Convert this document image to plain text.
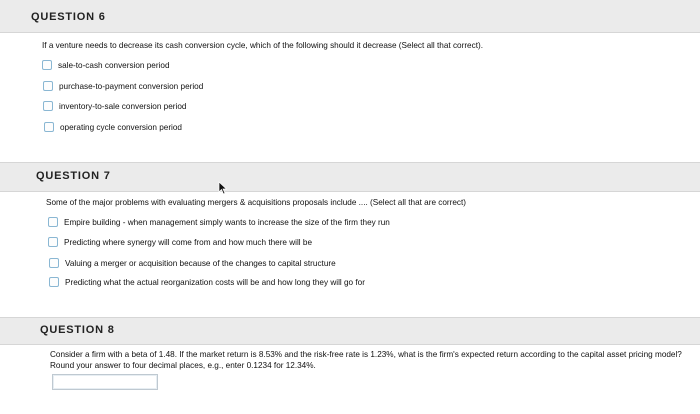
QUESTION 6
If a venture needs to decrease its cash conversion cycle, which of the following should it decrease (Select all that correct).
sale-to-cash conversion period
purchase-to-payment conversion period
inventory-to-sale conversion period
operating cycle conversion period
QUESTION 7
Some of the major problems with evaluating mergers & acquisitions proposals include .... (Select all that are correct)
Empire building - when management simply wants to increase the size of the firm they run
Predicting where synergy will come from and how much there will be
Valuing a merger or acquisition because of the changes to capital structure
Predicting what the actual reorganization costs will be and how long they will go for
QUESTION 8
Consider a firm with a beta of 1.48. If the market return is 8.53% and the risk-free rate is 1.23%, what is the firm's expected return according to the capital asset pricing model? Round your answer to four decimal places, e.g., enter 0.1234 for 12.34%.
